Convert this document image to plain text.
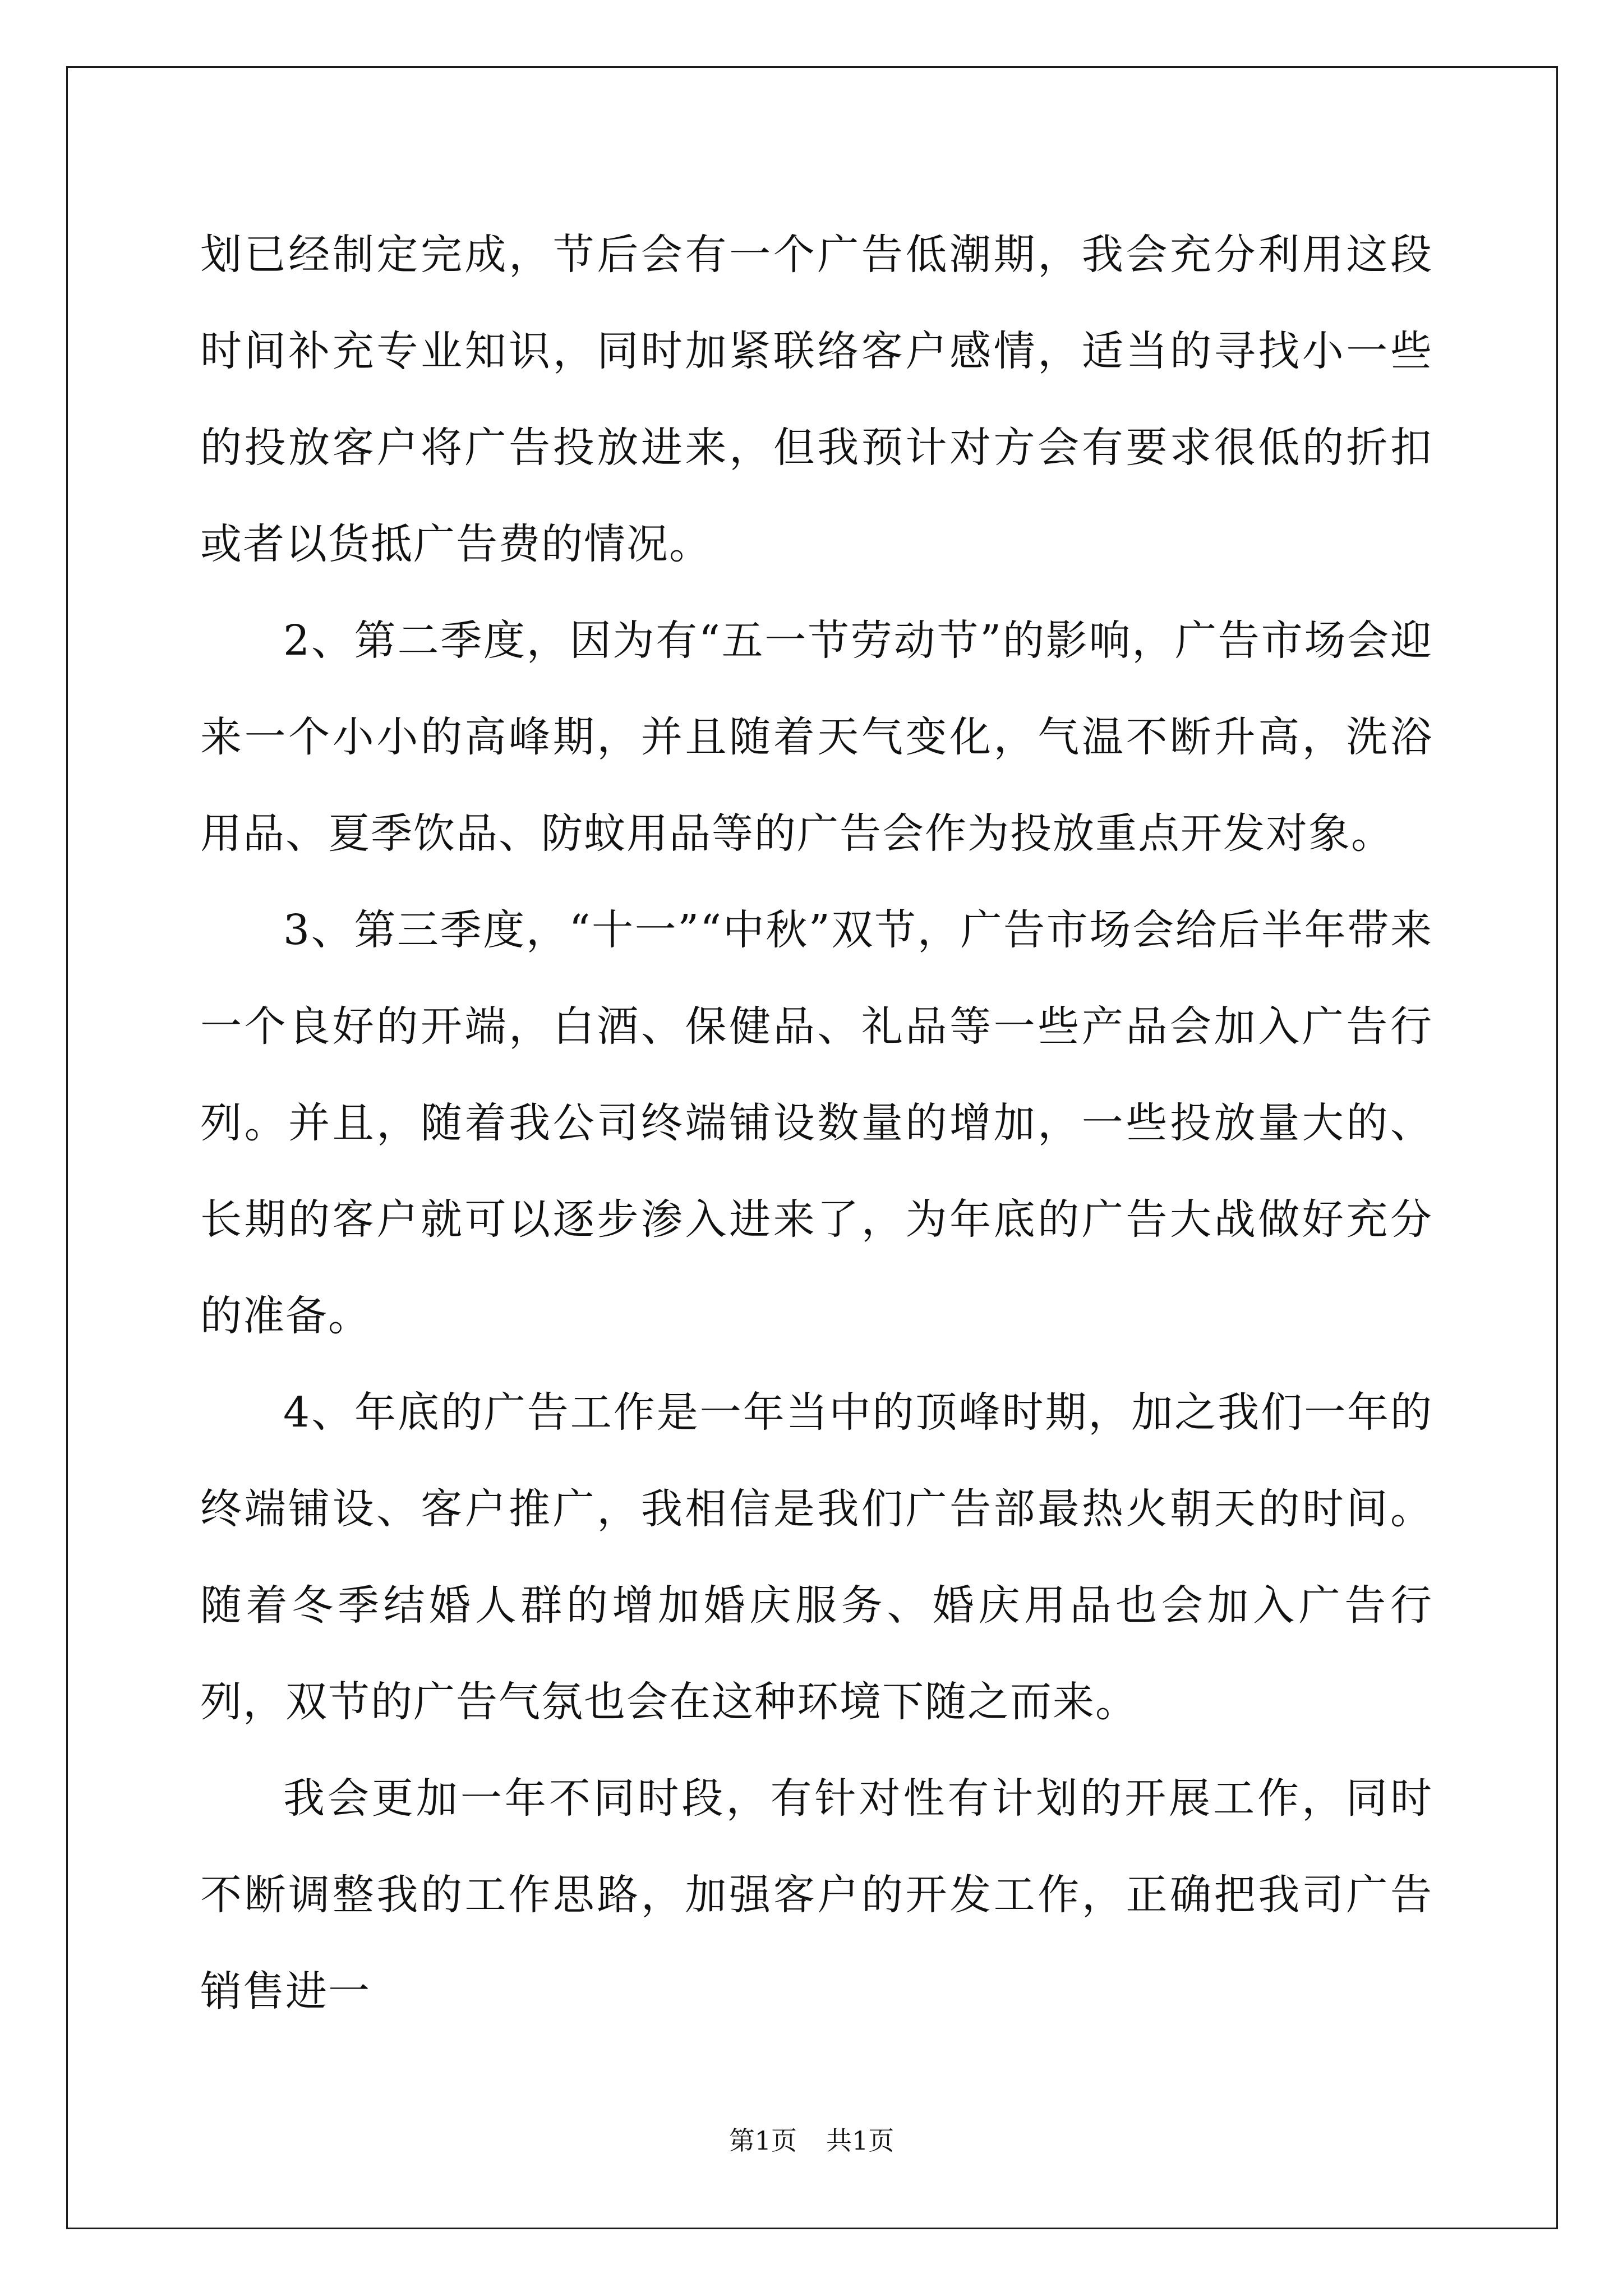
划已经制定完成，节后会有一个广告低潮期，我会充分利用这段时间补充专业知识，同时加紧联络客户感情，适当的寻找小一些的投放客户将广告投放进来，但我预计对方会有要求很低的折扣或者以货抵广告费的情况。

2、第二季度，因为有“五一节劳动节”的影响，广告市场会迎来一个小小的高峰期，并且随着天气变化，气温不断升高，洗浴用品、夏季饮品、防蚊用品等的广告会作为投放重点开发对象。

3、第三季度，“十一”“中秋”双节，广告市场会给后半年带来一个良好的开端，白酒、保健品、礼品等一些产品会加入广告行列。并且，随着我公司终端铺设数量的增加，一些投放量大的、长期的客户就可以逐步渗入进来了，为年底的广告大战做好充分的准备。

4、年底的广告工作是一年当中的顶峰时期，加之我们一年的终端铺设、客户推广，我相信是我们广告部最热火朝天的时间。随着冬季结婚人群的增加婚庆服务、婚庆用品也会加入广告行列，双节的广告气氛也会在这种环境下随之而来。

我会更加一年不同时段，有针对性有计划的开展工作，同时不断调整我的工作思路，加强客户的开发工作，正确把我司广告销售进一

第1页 共1页
